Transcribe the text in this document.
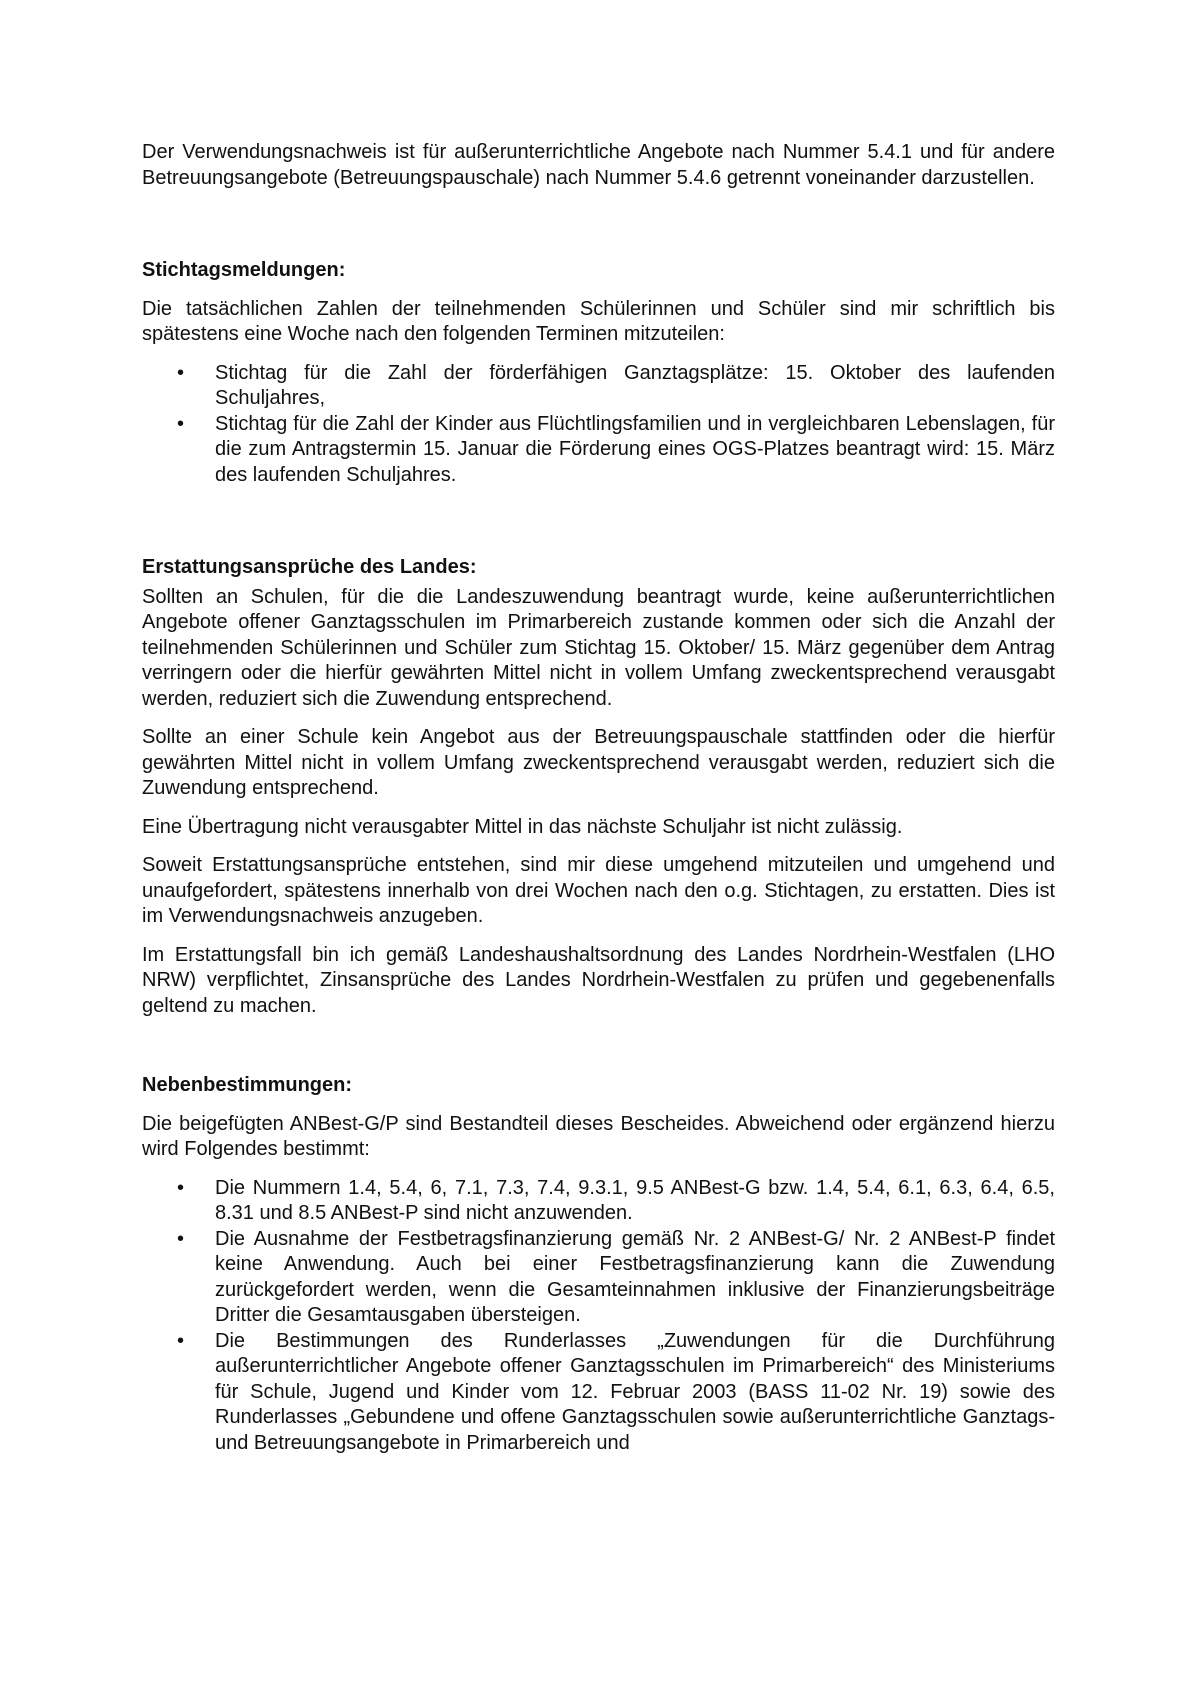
Der Verwendungsnachweis ist für außerunterrichtliche Angebote nach Nummer 5.4.1 und für andere Betreuungsangebote (Betreuungspauschale) nach Nummer 5.4.6 getrennt voneinander darzustellen.

Stichtagsmeldungen:

Die tatsächlichen Zahlen der teilnehmenden Schülerinnen und Schüler sind mir schriftlich bis spätestens eine Woche nach den folgenden Terminen mitzuteilen:

• Stichtag für die Zahl der förderfähigen Ganztagsplätze: 15. Oktober des laufenden Schuljahres,
• Stichtag für die Zahl der Kinder aus Flüchtlingsfamilien und in vergleichbaren Lebenslagen, für die zum Antragstermin 15. Januar die Förderung eines OGS-Platzes beantragt wird: 15. März des laufenden Schuljahres.
Erstattungsansprüche des Landes:

Sollten an Schulen, für die die Landeszuwendung beantragt wurde, keine außerunterrichtlichen Angebote offener Ganztagsschulen im Primarbereich zustande kommen oder sich die Anzahl der teilnehmenden Schülerinnen und Schüler zum Stichtag 15. Oktober/ 15. März gegenüber dem Antrag verringern oder die hierfür gewährten Mittel nicht in vollem Umfang zweckentsprechend verausgabt werden, reduziert sich die Zuwendung entsprechend.

Sollte an einer Schule kein Angebot aus der Betreuungspauschale stattfinden oder die hierfür gewährten Mittel nicht in vollem Umfang zweckentsprechend verausgabt werden, reduziert sich die Zuwendung entsprechend.

Eine Übertragung nicht verausgabter Mittel in das nächste Schuljahr ist nicht zulässig.

Soweit Erstattungsansprüche entstehen, sind mir diese umgehend mitzuteilen und umgehend und unaufgefordert, spätestens innerhalb von drei Wochen nach den o.g. Stichtagen, zu erstatten. Dies ist im Verwendungsnachweis anzugeben.

Im Erstattungsfall bin ich gemäß Landeshaushaltsordnung des Landes Nordrhein-Westfalen (LHO NRW) verpflichtet, Zinsansprüche des Landes Nordrhein-Westfalen zu prüfen und gegebenenfalls geltend zu machen.

Nebenbestimmungen:

Die beigefügten ANBest-G/P sind Bestandteil dieses Bescheides. Abweichend oder ergänzend hierzu wird Folgendes bestimmt:

• Die Nummern 1.4, 5.4, 6, 7.1, 7.3, 7.4, 9.3.1, 9.5 ANBest-G bzw. 1.4, 5.4, 6.1, 6.3, 6.4, 6.5, 8.31 und 8.5 ANBest-P sind nicht anzuwenden.
• Die Ausnahme der Festbetragsfinanzierung gemäß Nr. 2 ANBest-G/ Nr. 2 ANBest-P findet keine Anwendung. Auch bei einer Festbetragsfinanzierung kann die Zuwendung zurückgefordert werden, wenn die Gesamteinnahmen inklusive der Finanzierungsbeiträge Dritter die Gesamtausgaben übersteigen.
• Die Bestimmungen des Runderlasses „Zuwendungen für die Durchführung außerunterrichtlicher Angebote offener Ganztagsschulen im Primarbereich“ des Ministeriums für Schule, Jugend und Kinder vom 12. Februar 2003 (BASS 11-02 Nr. 19) sowie des Runderlasses „Gebundene und offene Ganztagsschulen sowie außerunterrichtliche Ganztags- und Betreuungsangebote in Primarbereich und
